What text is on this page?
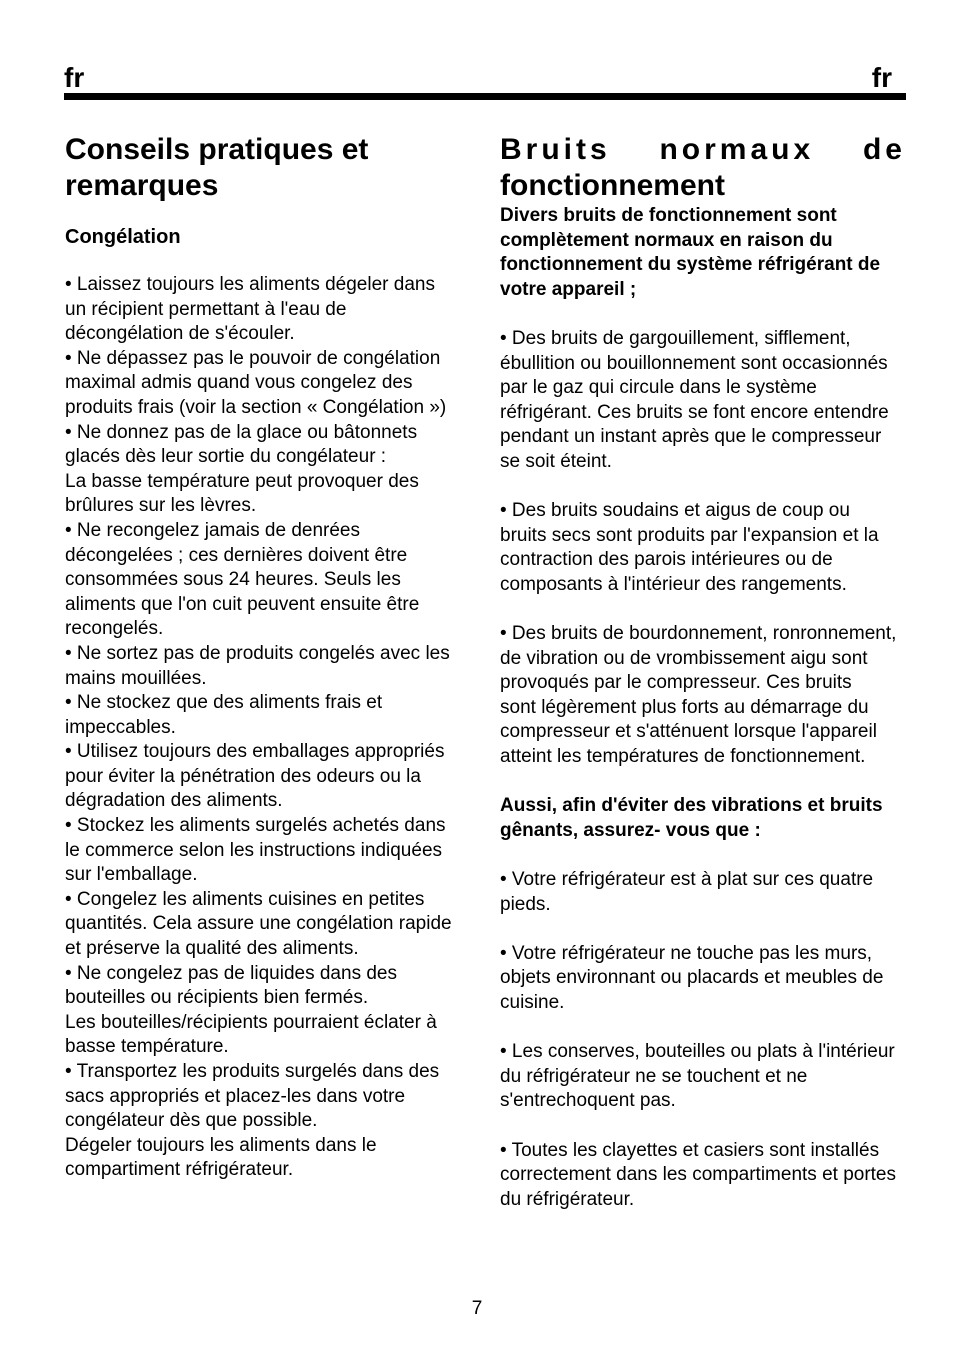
fr	fr
Conseils pratiques et remarques
Congélation

• Laissez toujours les aliments dégeler dans
un récipient permettant à l'eau de
décongélation de s'écouler.
• Ne dépassez pas le pouvoir de congélation
maximal admis quand vous congelez des
produits frais (voir la section « Congélation »)
• Ne donnez pas de la glace ou bâtonnets
glacés dès leur sortie du congélateur :
La basse température peut provoquer des
brûlures sur les lèvres.
• Ne recongelez jamais de denrées
décongelées ; ces dernières doivent être
consommées sous 24 heures. Seuls les
aliments que l'on cuit peuvent ensuite être
recongelés.
• Ne sortez pas de produits congelés avec les
mains mouillées.
• Ne stockez que des aliments frais et
impeccables.
• Utilisez toujours des emballages appropriés
pour éviter la pénétration des odeurs ou la
dégradation des aliments.
• Stockez les aliments surgelés achetés dans
le commerce selon les instructions indiquées
sur l'emballage.
• Congelez les aliments cuisines en petites
quantités. Cela assure une congélation rapide
et préserve la qualité des aliments.
• Ne congelez pas de liquides dans des
bouteilles ou récipients bien fermés.
Les bouteilles/récipients pourraient éclater à
basse température.
• Transportez les produits surgelés dans des
sacs appropriés et placez-les dans votre
congélateur dès que possible.
Dégeler toujours les aliments dans le
compartiment réfrigérateur.

Bruits normaux de
fonctionnement

Divers bruits de fonctionnement sont
complètement normaux en raison du
fonctionnement du système réfrigérant de
votre appareil ;

• Des bruits de gargouillement, sifflement,
ébullition ou bouillonnement sont occasionnés
par le gaz qui circule dans le système
réfrigérant. Ces bruits se font encore entendre
pendant un instant après que le compresseur
se soit éteint.

• Des bruits soudains et aigus de coup ou
bruits secs sont produits par l'expansion et la
contraction des parois intérieures ou de
composants à l'intérieur des rangements.

• Des bruits de bourdonnement, ronronnement,
de vibration ou de vrombissement aigu sont
provoqués par le compresseur. Ces bruits
sont légèrement plus forts au démarrage du
compresseur et s'atténuent lorsque l'appareil
atteint les températures de fonctionnement.

Aussi, afin d'éviter des vibrations et bruits
gênants, assurez- vous que :

• Votre réfrigérateur est à plat sur ces quatre
pieds.

• Votre réfrigérateur ne touche pas les murs,
objets environnant ou placards et meubles de
cuisine.

• Les conserves, bouteilles ou plats à l'intérieur
du réfrigérateur ne se touchent et ne
s'entrechoquent pas.

• Toutes les clayettes et casiers sont installés
correctement dans les compartiments et portes
du réfrigérateur.

7
